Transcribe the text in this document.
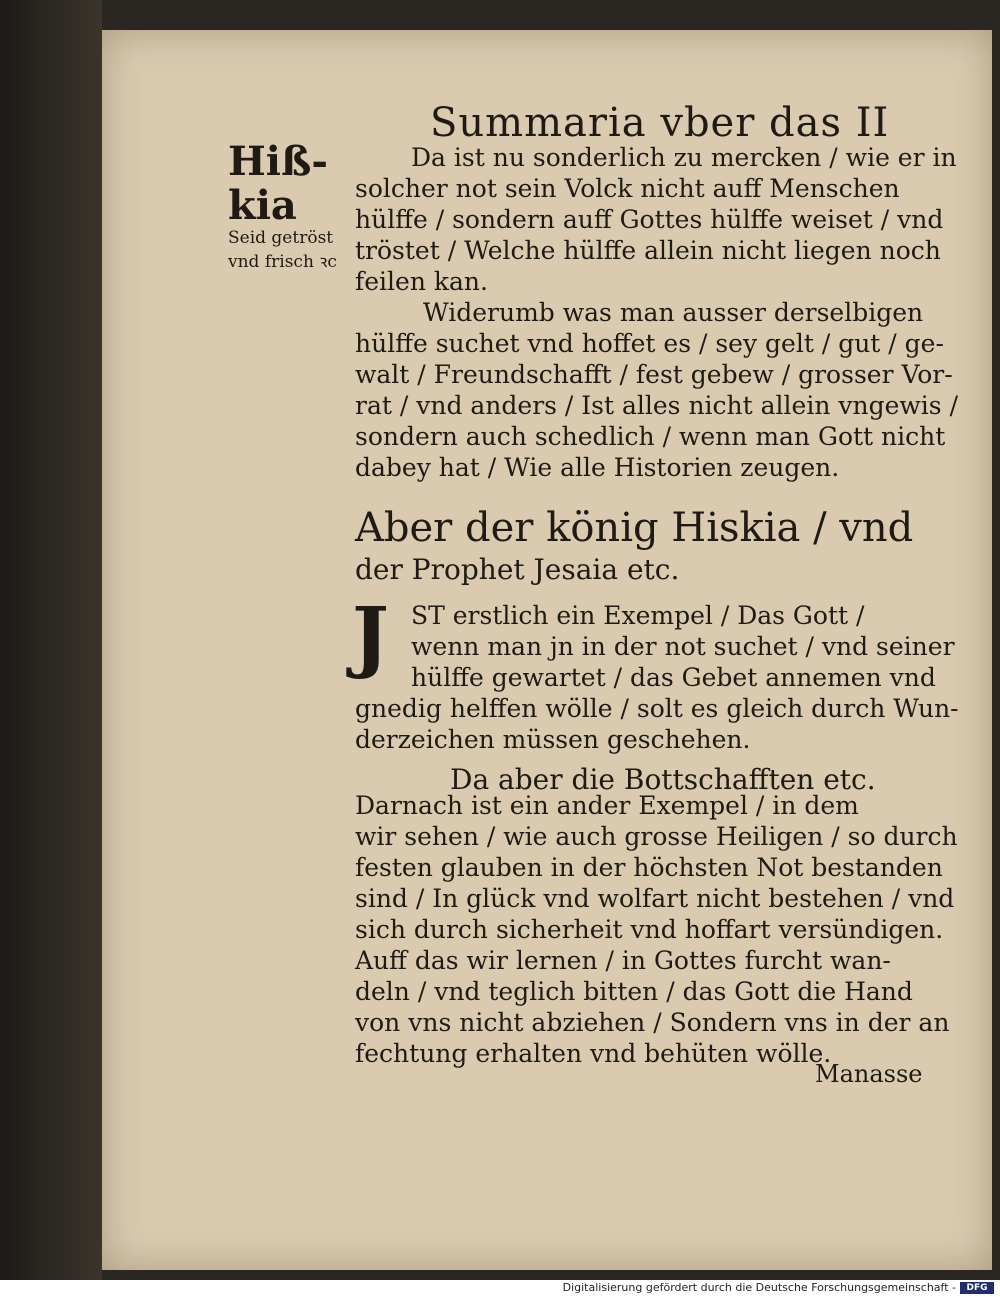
Summaria vber das II
Hiß-
kia
Seid getröst
vnd frisch ꝛc
Da ist nu sonderlich zu mercken / wie er in
solcher not sein Volck nicht auff Menschen
hülffe / sondern auff Gottes hülffe weiset / vnd
tröstet / Welche hülffe allein nicht liegen noch
feilen kan.
Widerumb was man ausser derselbigen
hülffe suchet vnd hoffet es / sey gelt / gut / ge-
walt / Freundschafft / fest gebew / grosser Vor-
rat / vnd anders / Ist alles nicht allein vngewis /
sondern auch schedlich / wenn man Gott nicht
dabey hat / Wie alle Historien zeugen.
Aber der könig Hiskia / vnd
der Prophet Jesaia etc.
J ST erstlich ein Exempel / Das Gott /
wenn man jn in der not suchet / vnd seiner
hülffe gewartet / das Gebet annemen vnd
gnedig helffen wölle / solt es gleich durch Wun-
derzeichen müssen geschehen.
Da aber die Bottschafften etc.
Darnach ist ein ander Exempel / in dem
wir sehen / wie auch grosse Heiligen / so durch
festen glauben in der höchsten Not bestanden
sind / In glück vnd wolfart nicht bestehen / vnd
sich durch sicherheit vnd hoffart versündigen.
Auff das wir lernen / in Gottes furcht wan-
deln / vnd teglich bitten / das Gott die Hand
von vns nicht abziehen / Sondern vns in der an
fechtung erhalten vnd behüten wölle.
Manasse
Digitalisierung gefördert durch die Deutsche Forschungsgemeinschaft -	DFG
